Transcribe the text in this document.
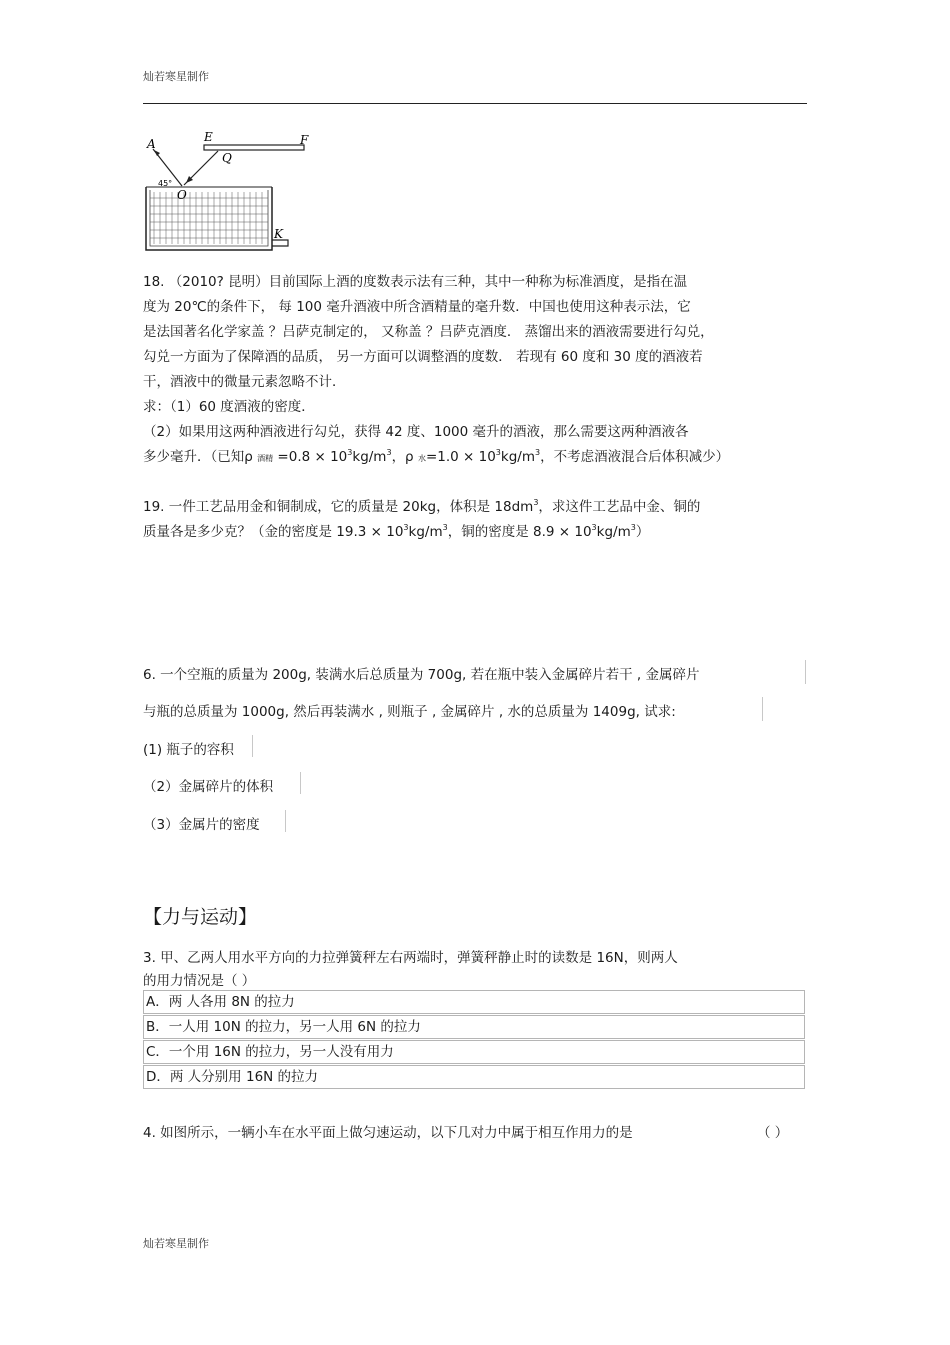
灿若寒星制作
A	E	F
Q
O
45°
K
18. （2010? 昆明）目前国际上酒的度数表示法有三种，其中一种称为标准酒度，是指在温
度为 20℃的条件下， 每 100 毫升酒液中所含酒精量的毫升数．中国也使用这种表示法，它
是法国著名化学家盖 ？吕萨克制定的， 又称盖 ？吕萨克酒度． 蒸馏出来的酒液需要进行勾兑，
勾兑一方面为了保障酒的品质， 另一方面可以调整酒的度数． 若现有 60 度和 30 度的酒液若
干，酒液中的微量元素忽略不计．
求：（1）60 度酒液的密度．
（2）如果用这两种酒液进行勾兑，获得 42 度、1000 毫升的酒液，那么需要这两种酒液各
多少毫升．（已知ρ 酒精 $=0.8 \times 10^3kg/m^3$，ρ 水$=1.0 \times 10^3kg/m^3$，不考虑酒液混合后体积减少）
19. 一件工艺品用金和铜制成，它的质量是 20kg，体积是 $18dm^3$，求这件工艺品中金、铜的
质量各是多少克？（金的密度是 $19.3 \times 10^3kg/m^3$，铜的密度是 $8.9 \times 10^3kg/m^3$）
6. 一个空瓶的质量为 200g, 装满水后总质量为 700g, 若在瓶中装入金属碎片若干 , 金属碎片
与瓶的总质量为 1000g, 然后再装满水 , 则瓶子 , 金属碎片 , 水的总质量为 1409g, 试求:
(1) 瓶子的容积
（2）金属碎片的体积
（3）金属片的密度
【力与运动】
3. 甲、乙两人用水平方向的力拉弹簧秤左右两端时，弹簧秤静止时的读数是 16N，则两人
的用力情况是（ ）
A．两 人各用 8N 的拉力
B．一人用 10N 的拉力，另一人用 6N 的拉力
C．一个用 16N 的拉力，另一人没有用力
D．两 人分别用 16N 的拉力
4. 如图所示，一辆小车在水平面上做匀速运动，以下几对力中属于相互作用力的是	（ ）
灿若寒星制作
